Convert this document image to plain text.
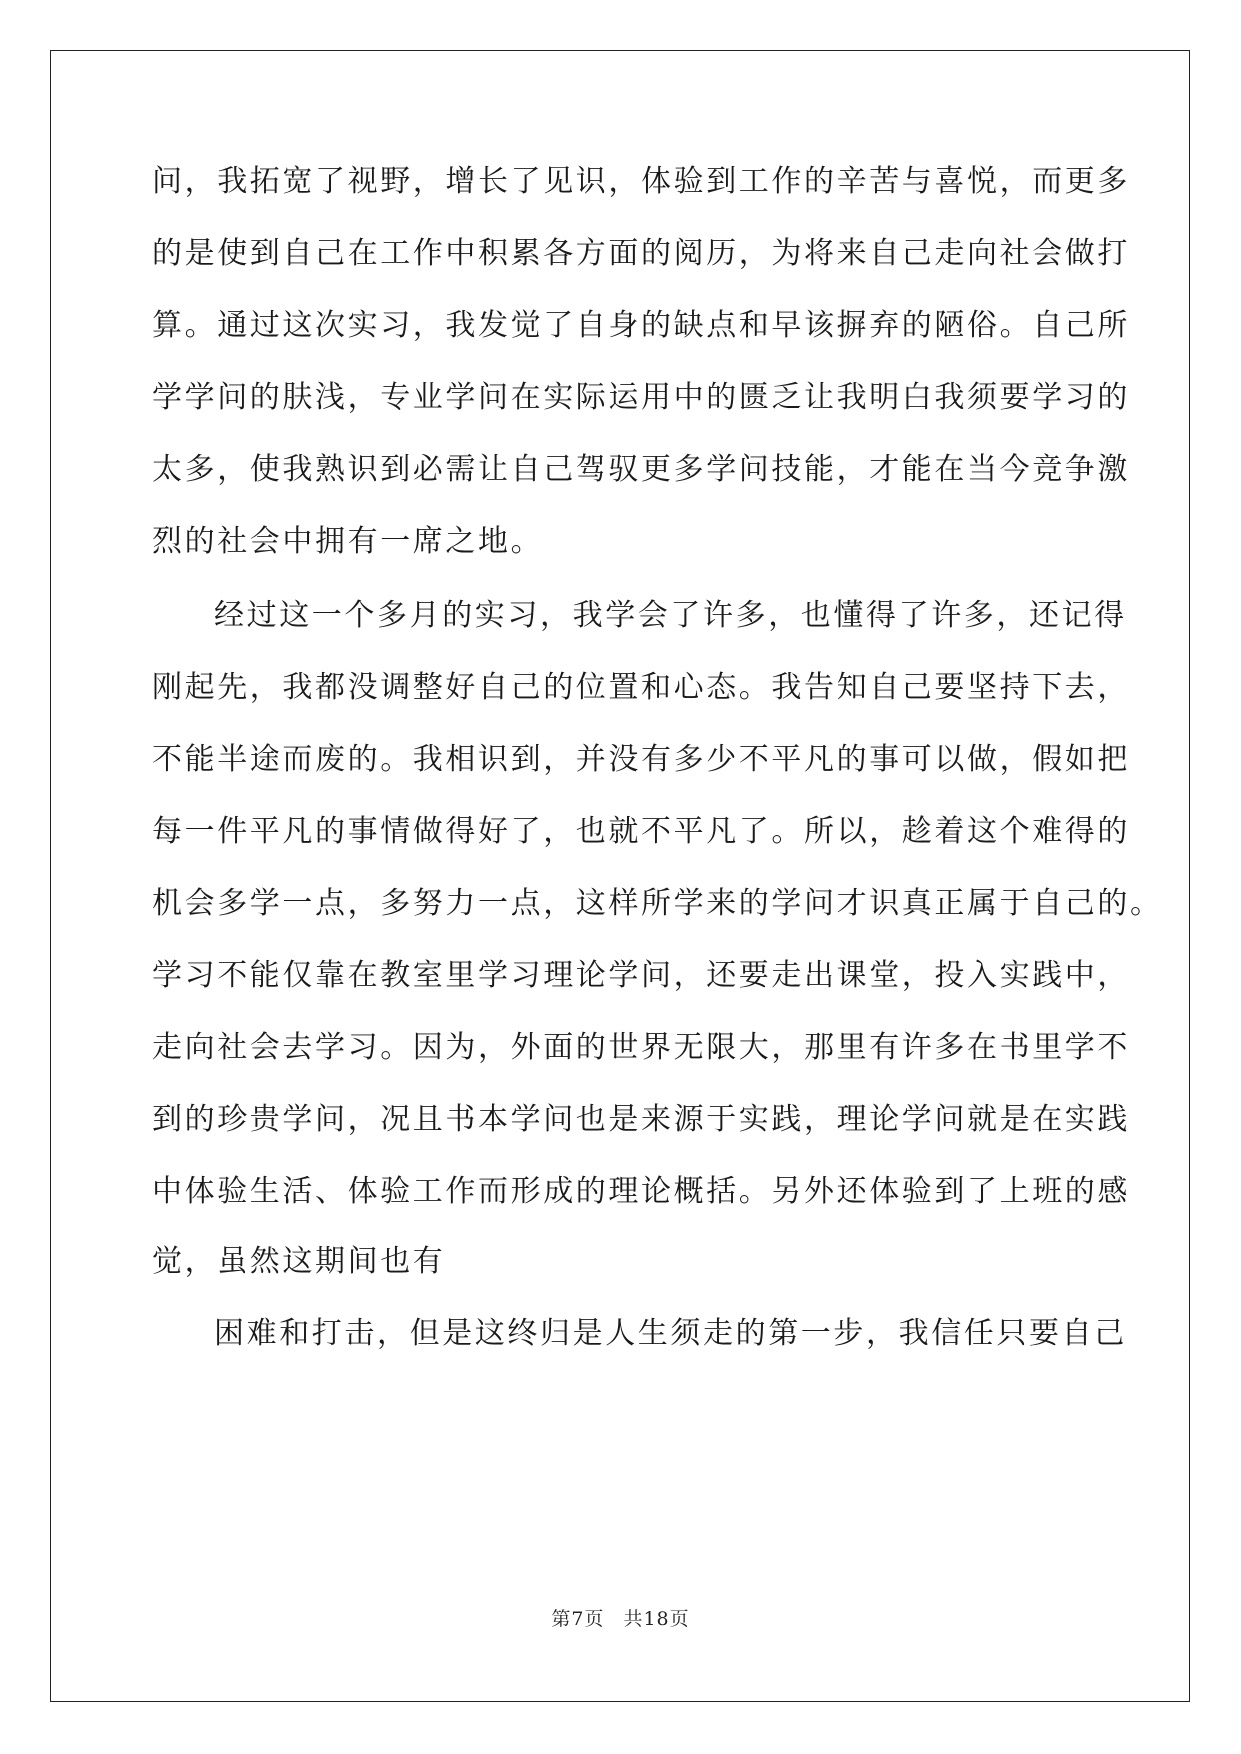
问，我拓宽了视野，增长了见识，体验到工作的辛苦与喜悦，而更多
的是使到自己在工作中积累各方面的阅历，为将来自己走向社会做打
算。通过这次实习，我发觉了自身的缺点和早该摒弃的陋俗。自己所
学学问的肤浅，专业学问在实际运用中的匮乏让我明白我须要学习的
太多，使我熟识到必需让自己驾驭更多学问技能，才能在当今竞争激
烈的社会中拥有一席之地。
经过这一个多月的实习，我学会了许多，也懂得了许多，还记得
刚起先，我都没调整好自己的位置和心态。我告知自己要坚持下去，
不能半途而废的。我相识到，并没有多少不平凡的事可以做，假如把
每一件平凡的事情做得好了，也就不平凡了。所以，趁着这个难得的
机会多学一点，多努力一点，这样所学来的学问才识真正属于自己的。
学习不能仅靠在教室里学习理论学问，还要走出课堂，投入实践中，
走向社会去学习。因为，外面的世界无限大，那里有许多在书里学不
到的珍贵学问，况且书本学问也是来源于实践，理论学问就是在实践
中体验生活、体验工作而形成的理论概括。另外还体验到了上班的感
觉，虽然这期间也有
困难和打击，但是这终归是人生须走的第一步，我信任只要自己
第7页 共18页
